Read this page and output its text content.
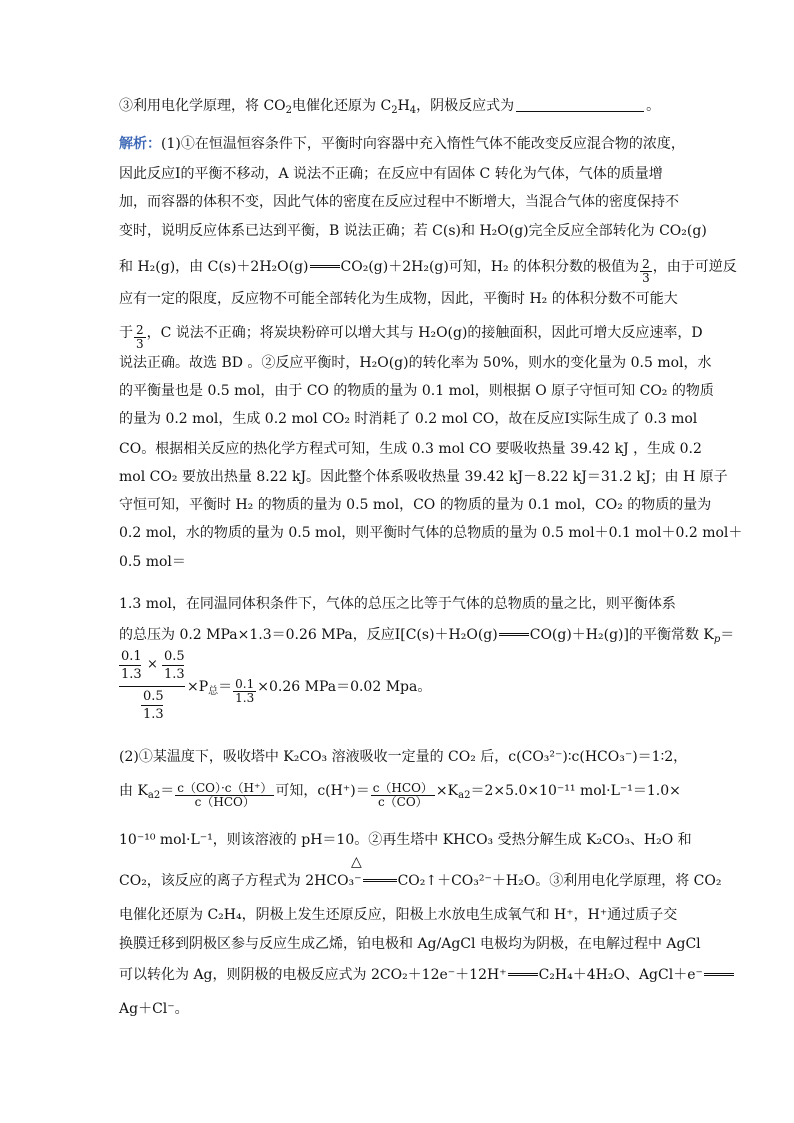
③利用电化学原理，将 $CO_2$电催化还原为 $C_2H_4$，阴极反应式为	。
解析：(1)①在恒温恒容条件下，平衡时向容器中充入惰性气体不能改变反应混合物的浓度，
因此反应Ⅰ的平衡不移动，A 说法不正确；在反应中有固体 C 转化为气体，气体的质量增
加，而容器的体积不变，因此气体的密度在反应过程中不断增大，当混合气体的密度保持不
变时，说明反应体系已达到平衡，B 说法正确；若 C(s)和 H₂O(g)完全反应全部转化为 CO₂(g)
和 H₂(g)，由 C(s)＋2H₂O(g) CO₂(g)＋2H₂(g)可知，H₂ 的体积分数的极值为 $\frac{2}{3}$ ，由于可逆反
应有一定的限度，反应物不可能全部转化为生成物，因此，平衡时 H₂ 的体积分数不可能大
于 $\frac{2}{3}$ ，C 说法不正确；将炭块粉碎可以增大其与 H₂O(g)的接触面积，因此可增大反应速率，D
说法正确。故选 BD 。②反应平衡时，H₂O(g)的转化率为 50%，则水的变化量为 0.5 mol，水
的平衡量也是 0.5 mol，由于 CO 的物质的量为 0.1 mol，则根据 O 原子守恒可知 CO₂ 的物质
的量为 0.2 mol，生成 0.2 mol CO₂ 时消耗了 0.2 mol CO，故在反应Ⅰ实际生成了 0.3 mol
CO。根据相关反应的热化学方程式可知，生成 0.3 mol CO 要吸收热量 39.42 kJ ，生成 0.2
mol CO₂ 要放出热量 8.22 kJ。因此整个体系吸收热量 39.42 kJ－8.22 kJ＝31.2 kJ；由 H 原子
守恒可知，平衡时 H₂ 的物质的量为 0.5 mol，CO 的物质的量为 0.1 mol，CO₂ 的物质的量为
0.2 mol，水的物质的量为 0.5 mol，则平衡时气体的总物质的量为 0.5 mol＋0.1 mol＋0.2 mol＋
0.5 mol＝
1.3 mol，在同温同体积条件下，气体的总压之比等于气体的总物质的量之比，则平衡体系
的总压为 0.2 MPa×1.3＝0.26 MPa，反应Ⅰ[C(s)＋H₂O(g) CO(g)＋H₂(g)]的平衡常数 $K_p=$
0.1
1.3
×
0.5
1.3
0.5
1.3
$\times P_总= \frac{0.1}{1.3} \times 0.26$ MPa＝0.02 Mpa。
(2)①某温度下，吸收塔中 K₂CO₃ 溶液吸收一定量的 CO₂ 后，c(CO₃²⁻)∶c(HCO₃⁻)＝1∶2，
由 $K_{a2}= \frac{c(CO)\cdot c(H^+)}{\text{c（HCO）}}$ 可知，$c(H^+)= \frac{\text{c（HCO）}}{c(CO)} \times K_{a2}=2\times 5.0\times 10^{-11}$ mol·L⁻¹＝1.0×
10⁻¹⁰ mol·L⁻¹，则该溶液的 pH＝10。②再生塔中 KHCO₃ 受热分解生成 K₂CO₃、H₂O 和
△
CO₂，该反应的离子方程式为 2HCO₃⁻	CO₂↑＋CO₃²⁻＋H₂O。③利用电化学原理，将 CO₂
电催化还原为 C₂H₄，阴极上发生还原反应，阳极上水放电生成氧气和 H⁺，H⁺通过质子交
换膜迁移到阴极区参与反应生成乙烯，铂电极和 Ag/AgCl 电极均为阴极，在电解过程中 AgCl
可以转化为 Ag，则阴极的电极反应式为 2CO₂＋12e⁻＋12H⁺ C₂H₄＋4H₂O、AgCl＋e⁻
Ag＋Cl⁻。
